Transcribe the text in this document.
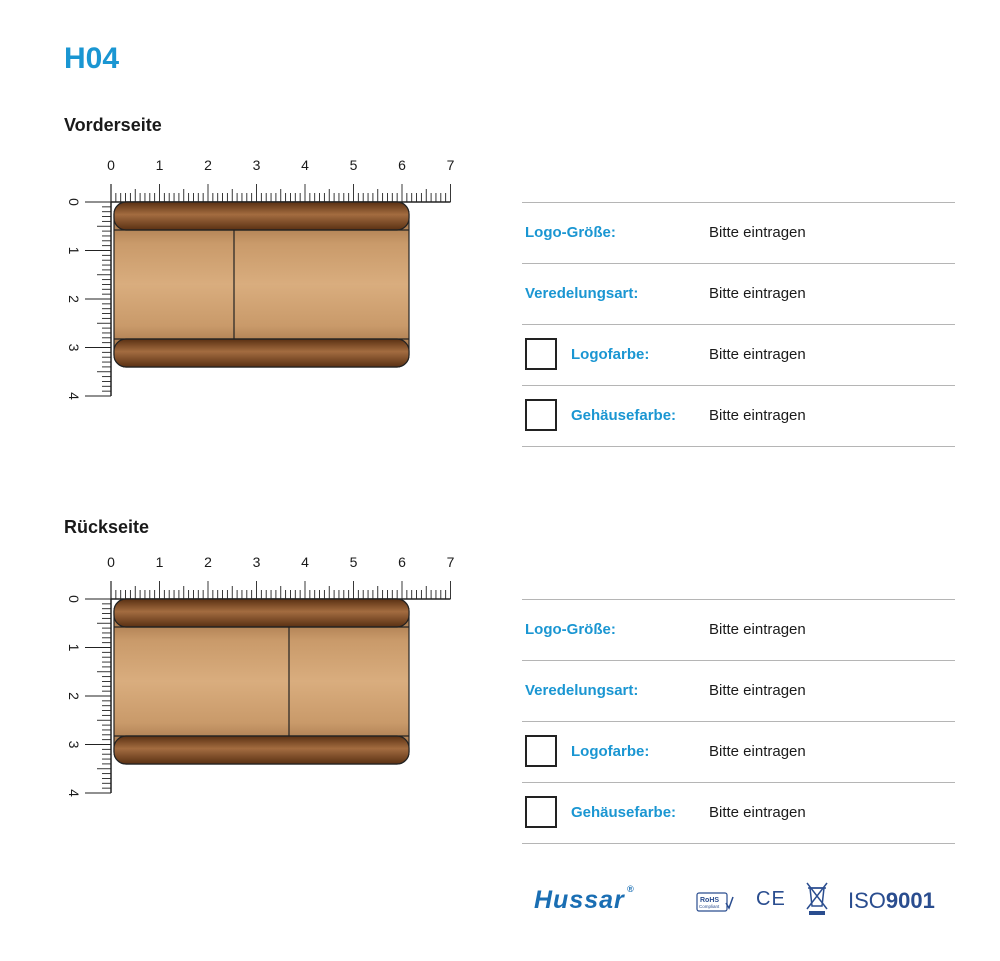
H04
Vorderseite
0	1	2	3	4	5	6	7
0
1
2
3
4
Logo-Größe:	Bitte eintragen
Veredelungsart:	Bitte eintragen
Logofarbe:	Bitte eintragen
Gehäusefarbe: Bitte eintragen
Rückseite
0	1	2	3	4	5	6	7
0
1
2
3
4
Logo-Größe:	Bitte eintragen
Veredelungsart:	Bitte eintragen
Logofarbe:	Bitte eintragen
Gehäusefarbe: Bitte eintragen
Hussar ®
RoHS
Compliant CE	ISO9001
